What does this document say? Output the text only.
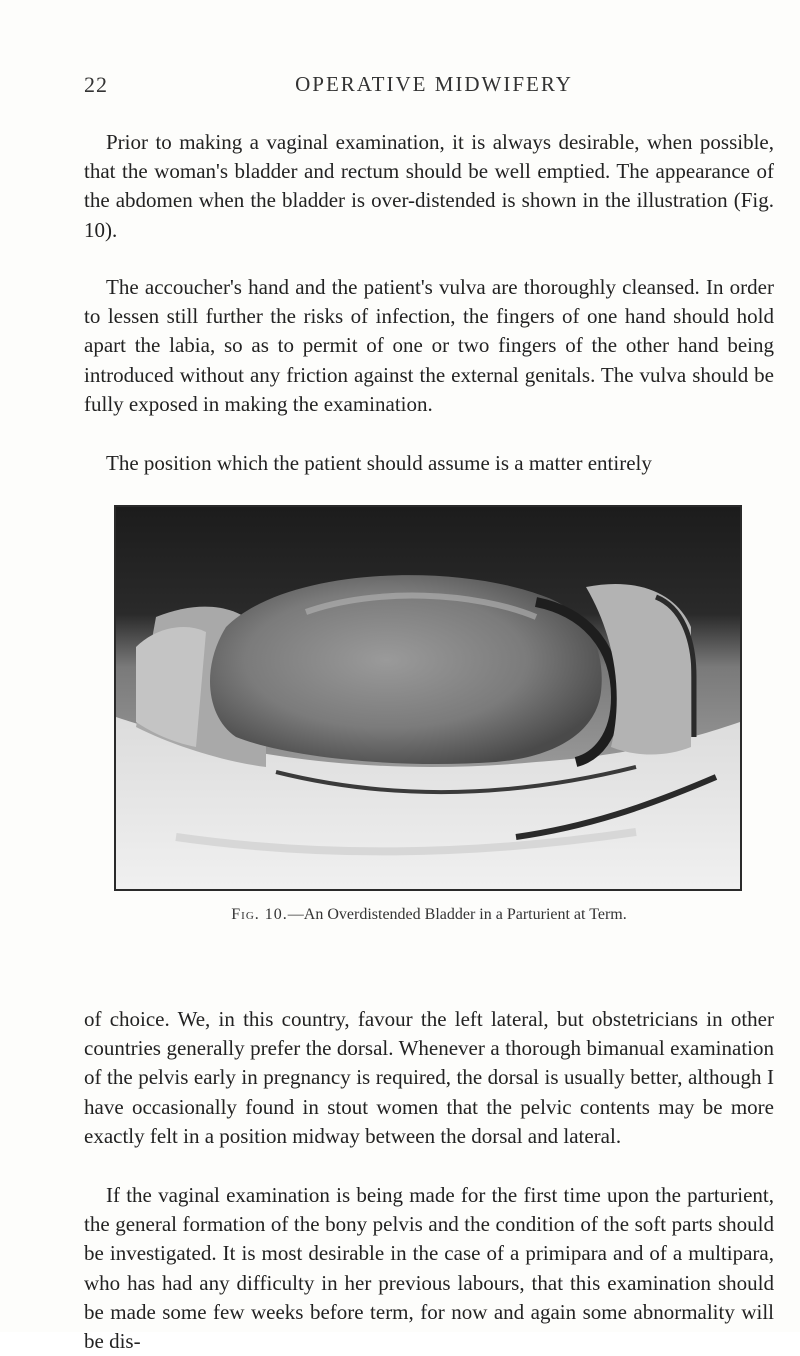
22	OPERATIVE MIDWIFERY

Prior to making a vaginal examination, it is always desirable, when possible, that the woman's bladder and rectum should be well emptied. The appearance of the abdomen when the bladder is over-distended is shown in the illustration (Fig. 10).

The accoucher's hand and the patient's vulva are thoroughly cleansed. In order to lessen still further the risks of infection, the fingers of one hand should hold apart the labia, so as to permit of one or two fingers of the other hand being introduced without any friction against the external genitals. The vulva should be fully exposed in making the examination.

The position which the patient should assume is a matter entirely

Fig. 10.—An Overdistended Bladder in a Parturient at Term.

of choice. We, in this country, favour the left lateral, but obstetricians in other countries generally prefer the dorsal. Whenever a thorough bimanual examination of the pelvis early in pregnancy is required, the dorsal is usually better, although I have occasionally found in stout women that the pelvic contents may be more exactly felt in a position midway between the dorsal and lateral.

If the vaginal examination is being made for the first time upon the parturient, the general formation of the bony pelvis and the condition of the soft parts should be investigated. It is most desirable in the case of a primipara and of a multipara, who has had any difficulty in her previous labours, that this examination should be made some few weeks before term, for now and again some abnormality will be dis-
